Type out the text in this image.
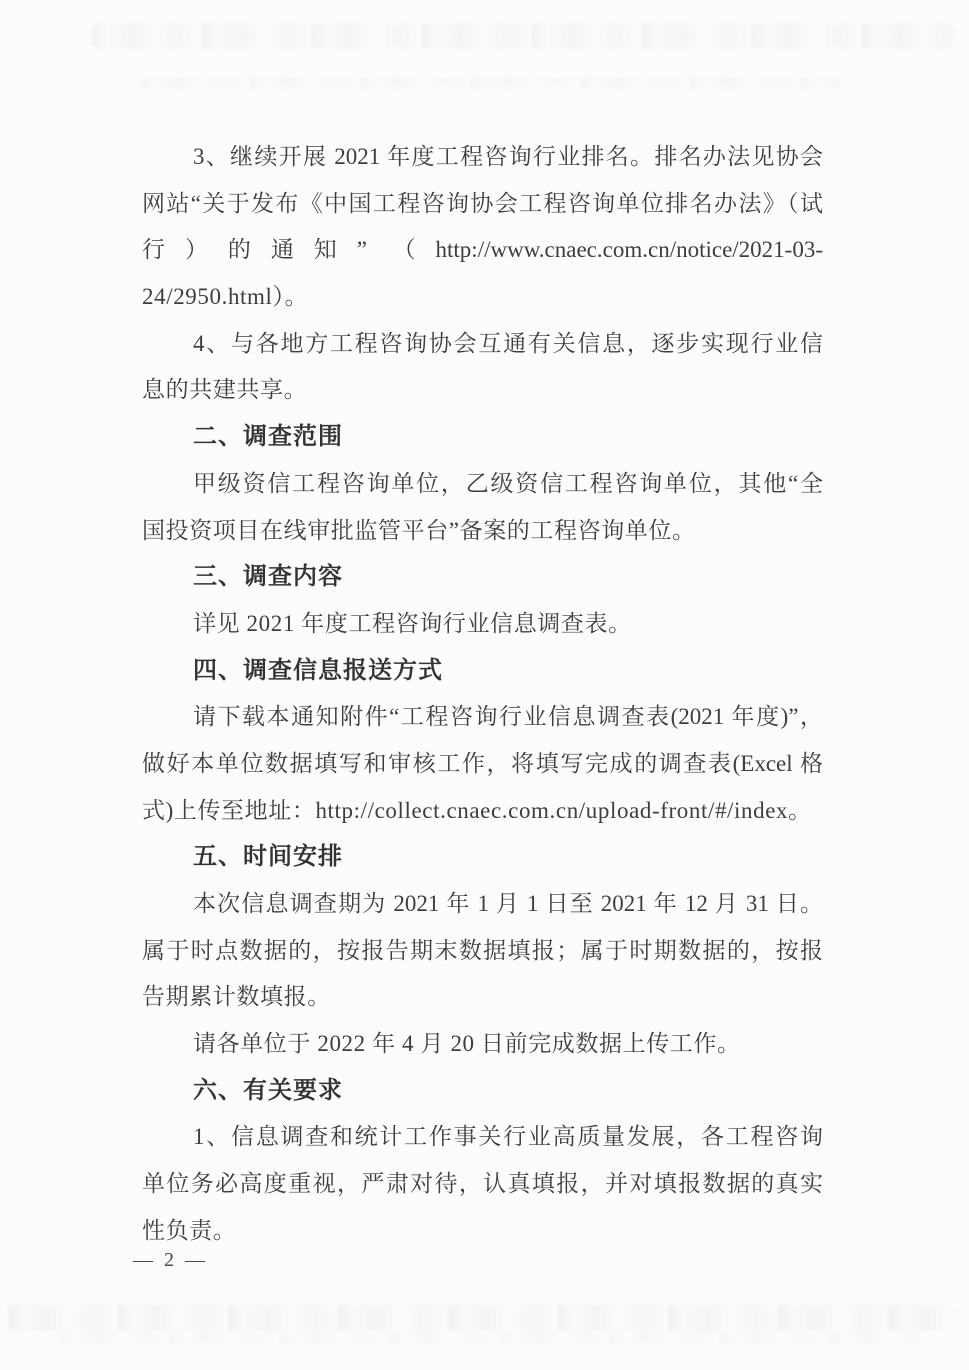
3、继续开展 2021 年度工程咨询行业排名。排名办法见协会
网站“关于发布《中国工程咨询协会工程咨询单位排名办法》（试
行）的通知” （http://www.cnaec.com.cn/notice/2021-03-
24/2950.html）。
4、与各地方工程咨询协会互通有关信息，逐步实现行业信
息的共建共享。
二、调查范围
甲级资信工程咨询单位，乙级资信工程咨询单位，其他“全
国投资项目在线审批监管平台”备案的工程咨询单位。
三、调查内容
详见 2021 年度工程咨询行业信息调查表。
四、调查信息报送方式
请下载本通知附件“工程咨询行业信息调查表(2021 年度)”，
做好本单位数据填写和审核工作，将填写完成的调查表(Excel 格
式)上传至地址：http://collect.cnaec.com.cn/upload-front/#/index。
五、时间安排
本次信息调查期为 2021 年 1 月 1 日至 2021 年 12 月 31 日。
属于时点数据的，按报告期末数据填报；属于时期数据的，按报
告期累计数填报。
请各单位于 2022 年 4 月 20 日前完成数据上传工作。
六、有关要求
1、信息调查和统计工作事关行业高质量发展，各工程咨询
单位务必高度重视，严肃对待，认真填报，并对填报数据的真实
性负责。
— 2 —
